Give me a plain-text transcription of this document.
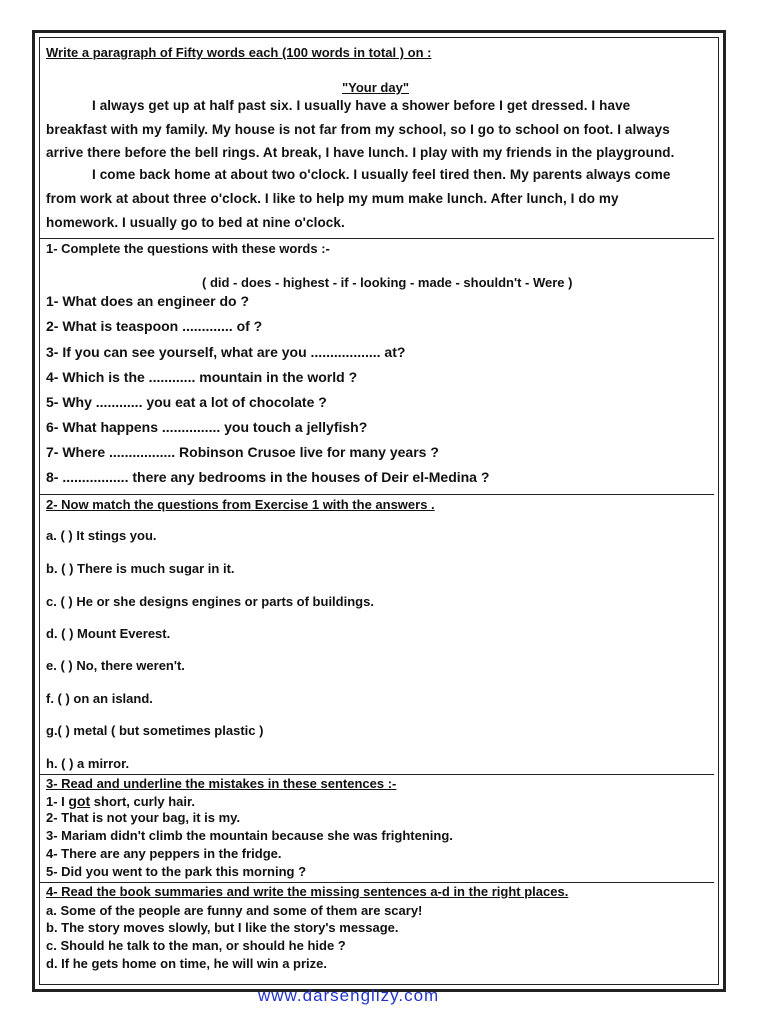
Write a paragraph of Fifty words each (100 words in total ) on :
"Your day"
I always get up at half past six. I usually have a shower before I get dressed. I have
breakfast with my family. My house is not far from my school, so I go to school on foot. I always
arrive there before the bell rings. At break, I have lunch. I play with my friends in the playground.
I come back home at about two o'clock. I usually feel tired then. My parents always come
from work at about three o'clock. I like to help my mum make lunch. After lunch, I do my
homework. I usually go to bed at nine o'clock.
1- Complete the questions with these words :-
( did - does - highest - if - looking - made - shouldn't - Were )
1- What does an engineer do ?
2- What is teaspoon ............. of ?
3- If you can see yourself, what are you .................. at?
4- Which is the ............ mountain in the world ?
5- Why ............ you eat a lot of chocolate ?
6- What happens ............... you touch a jellyfish?
7- Where ................. Robinson Crusoe live for many years ?
8- ................. there any bedrooms in the houses of Deir el-Medina ?
2- Now match the questions from Exercise 1 with the answers .
a. ( ) It stings you.
b. ( ) There is much sugar in it.
c. ( ) He or she designs engines or parts of buildings.
d. ( ) Mount Everest.
e. ( ) No, there weren't.
f. ( ) on an island.
g.( ) metal ( but sometimes plastic )
h. ( ) a mirror.
3- Read and underline the mistakes in these sentences :-
1- I got short, curly hair.
2- That is not your bag, it is my.
3- Mariam didn't climb the mountain because she was frightening.
4- There are any peppers in the fridge.
5- Did you went to the park this morning ?
4- Read the book summaries and write the missing sentences a-d in the right places.
a. Some of the people are funny and some of them are scary!
b. The story moves slowly, but I like the story's message.
c. Should he talk to the man, or should he hide ?
d. If he gets home on time, he will win a prize.
www.darsenglizy.com
